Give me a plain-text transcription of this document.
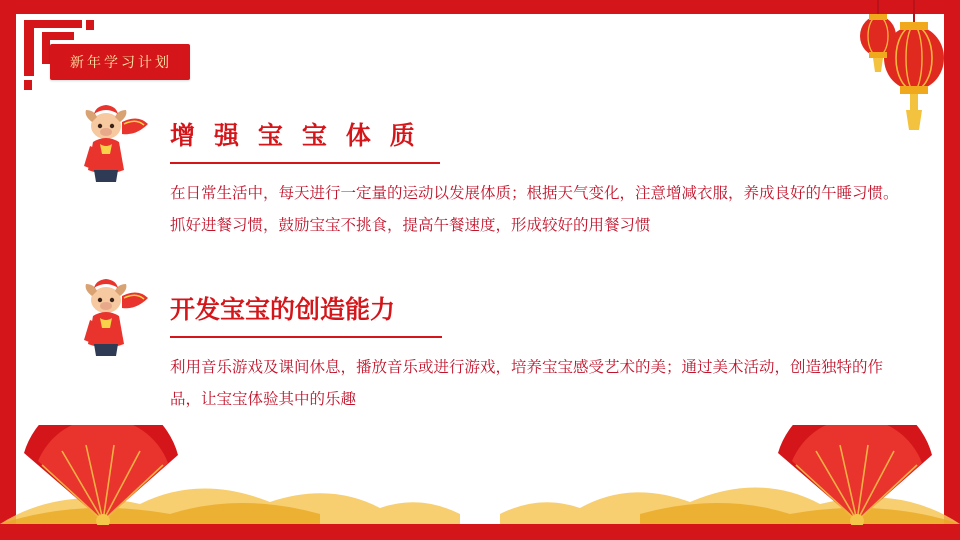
新年学习计划
增 强 宝 宝 体 质
在日常生活中，每天进行一定量的运动以发展体质；根据天气变化，注意增减衣服，养成良好的午睡习惯。抓好进餐习惯，鼓励宝宝不挑食，提高午餐速度，形成较好的用餐习惯
开发宝宝的创造能力
利用音乐游戏及课间休息，播放音乐或进行游戏，培养宝宝感受艺术的美；通过美术活动，创造独特的作品，让宝宝体验其中的乐趣
